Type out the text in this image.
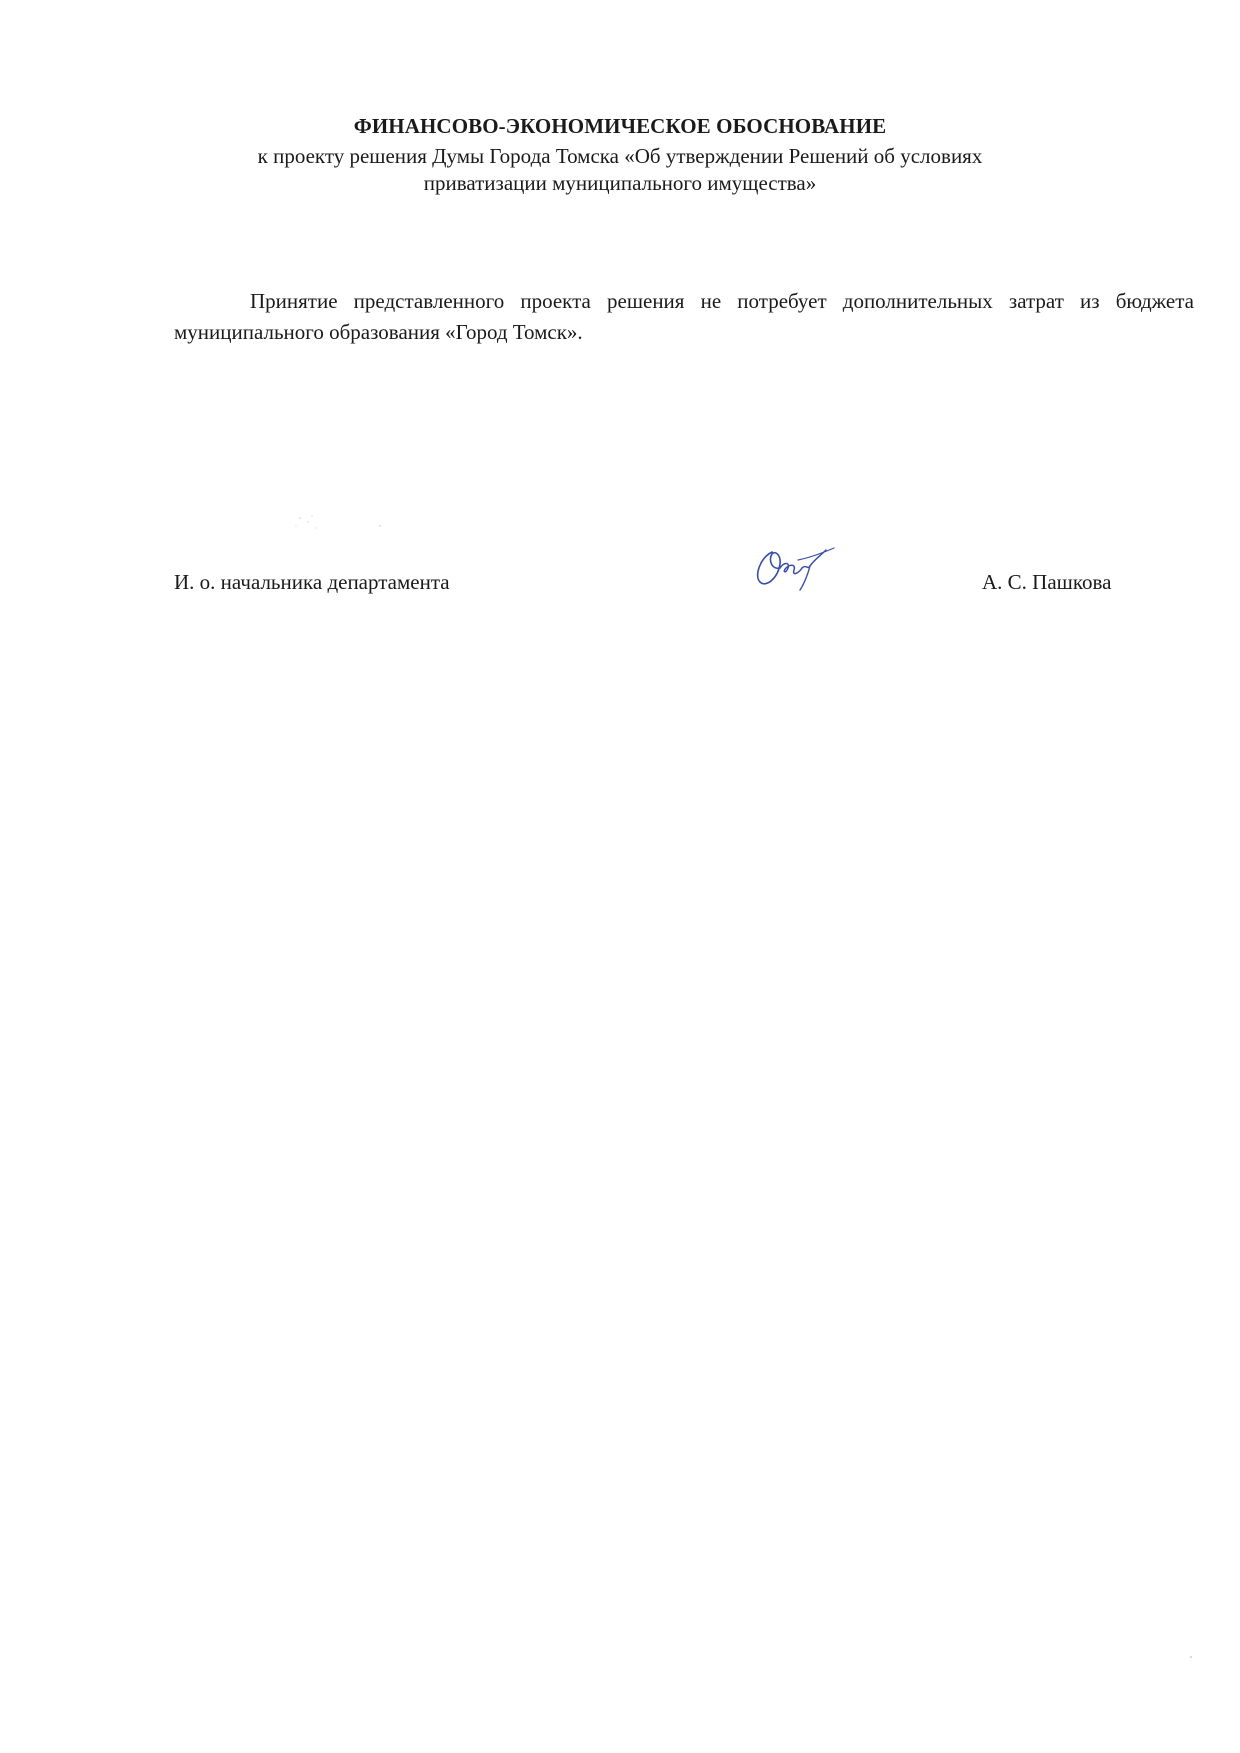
ФИНАНСОВО-ЭКОНОМИЧЕСКОЕ ОБОСНОВАНИЕ
к проекту решения Думы Города Томска «Об утверждении Решений об условиях
приватизации муниципального имущества»
Принятие представленного проекта решения не потребует дополнительных затрат из бюджета муниципального образования «Город Томск».
И. о. начальника департамента	А. С. Пашкова
